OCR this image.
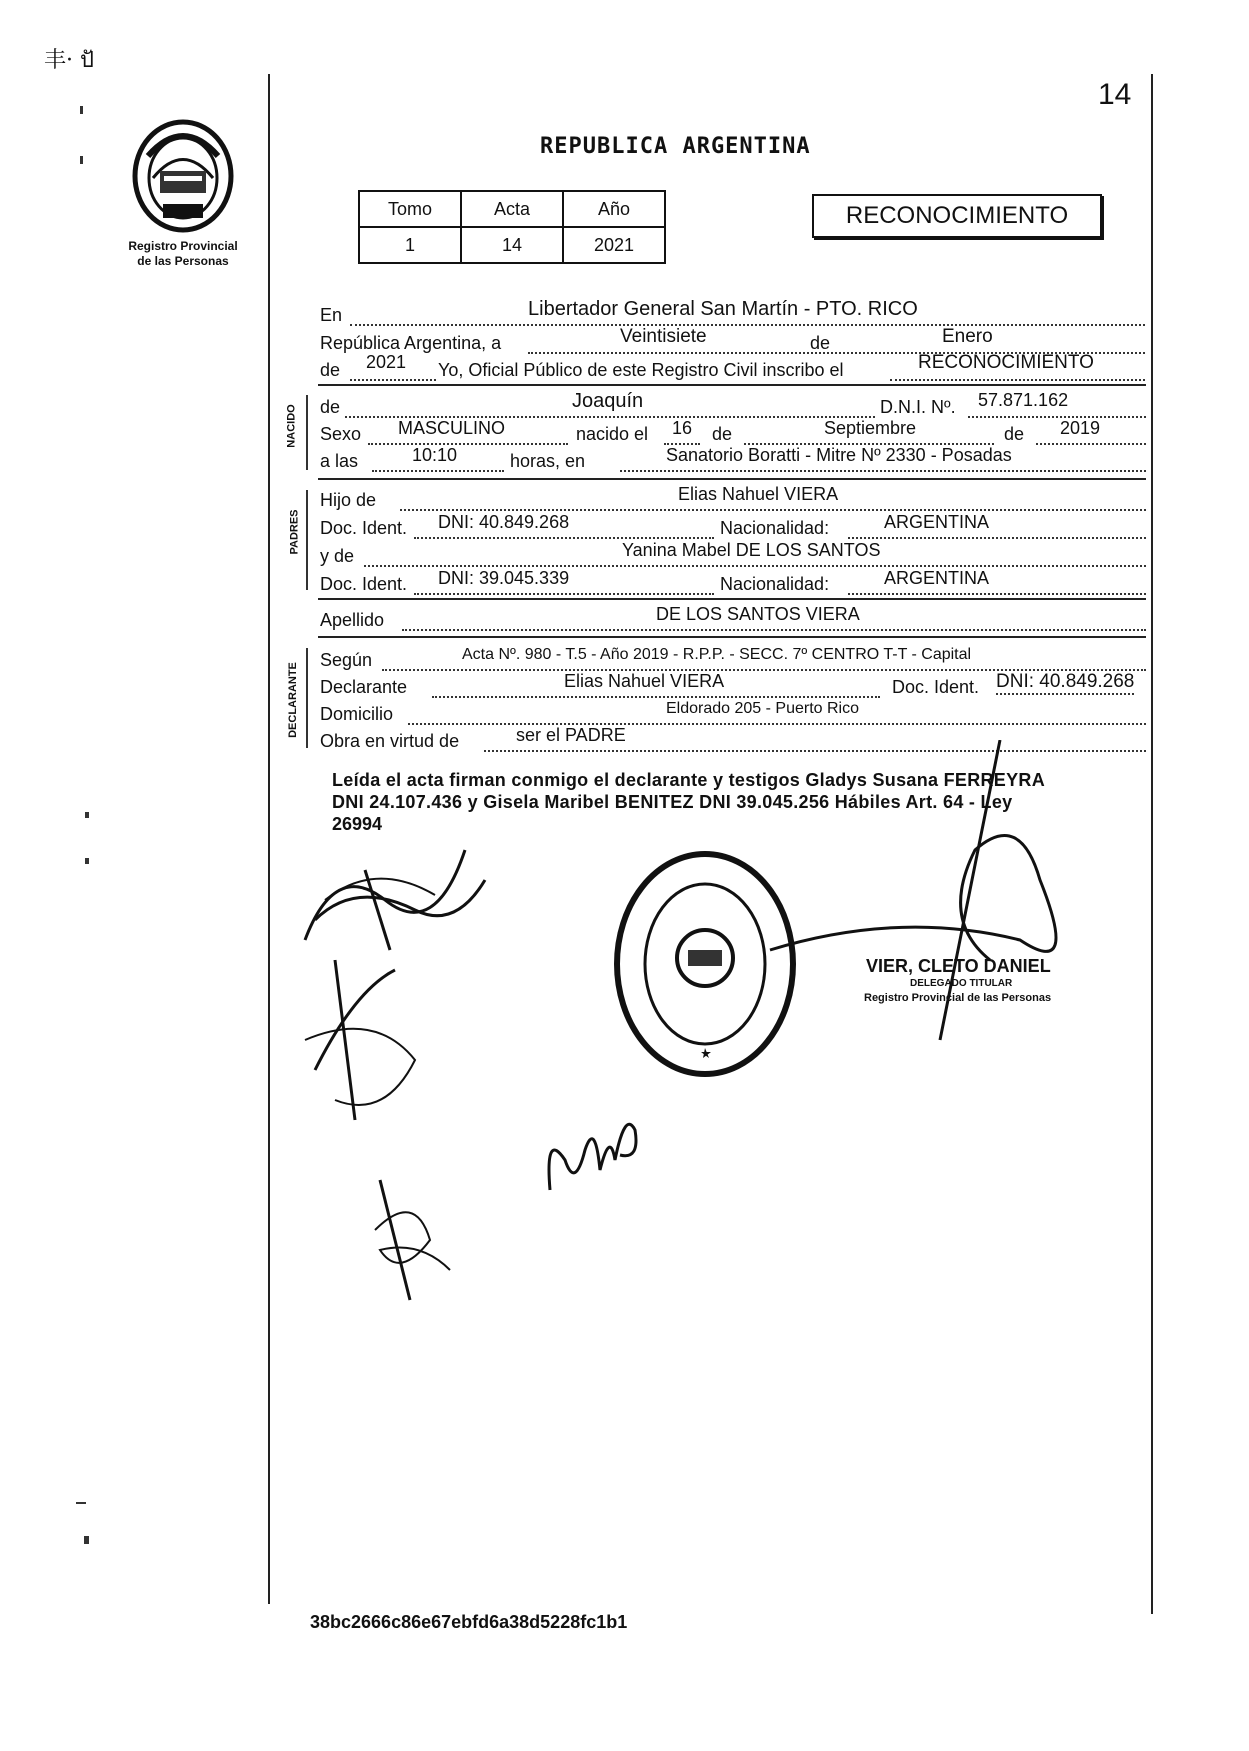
丰· ปั
14
Registro Provincial
de las Personas
REPUBLICA ARGENTINA
Tomo	Acta	Año
1	14	2021
RECONOCIMIENTO
En	Libertador General San Martín - PTO. RICO
República Argentina, a	Veintisiete	de	Enero
de 2021 Yo, Oficial Público de este Registro Civil inscribo el	RECONOCIMIENTO
NACIDO de	Joaquín	D.N.I. Nº. 57.871.162
Sexo MASCULINO	nacido el 16 de	Septiembre	de 2019
a las	10:10	horas, en	Sanatorio Boratti - Mitre Nº 2330 - Posadas
PADRES
Hijo de	Elias Nahuel VIERA
Doc. Ident. DNI: 40.849.268	Nacionalidad:	ARGENTINA
y de	Yanina Mabel DE LOS SANTOS
Doc. Ident. DNI: 39.045.339	Nacionalidad:	ARGENTINA
Apellido	DE LOS SANTOS VIERA
DECLARANTE
Según	Acta Nº. 980 - T.5 - Año 2019 - R.P.P. - SECC. 7º CENTRO T-T - Capital
Declarante	Elias Nahuel VIERA	Doc. Ident. DNI: 40.849.268
Domicilio	Eldorado 205 - Puerto Rico
Obra en virtud de	ser el PADRE
Leída el acta firman conmigo el declarante y testigos Gladys Susana FERREYRA
DNI 24.107.436 y Gisela Maribel BENITEZ DNI 39.045.256 Hábiles Art. 64 - Ley
26994
VIER, CLETO DANIEL
DELEGADO TITULAR
Registro Provincial de las Personas
38bc2666c86e67ebfd6a38d5228fc1b1
